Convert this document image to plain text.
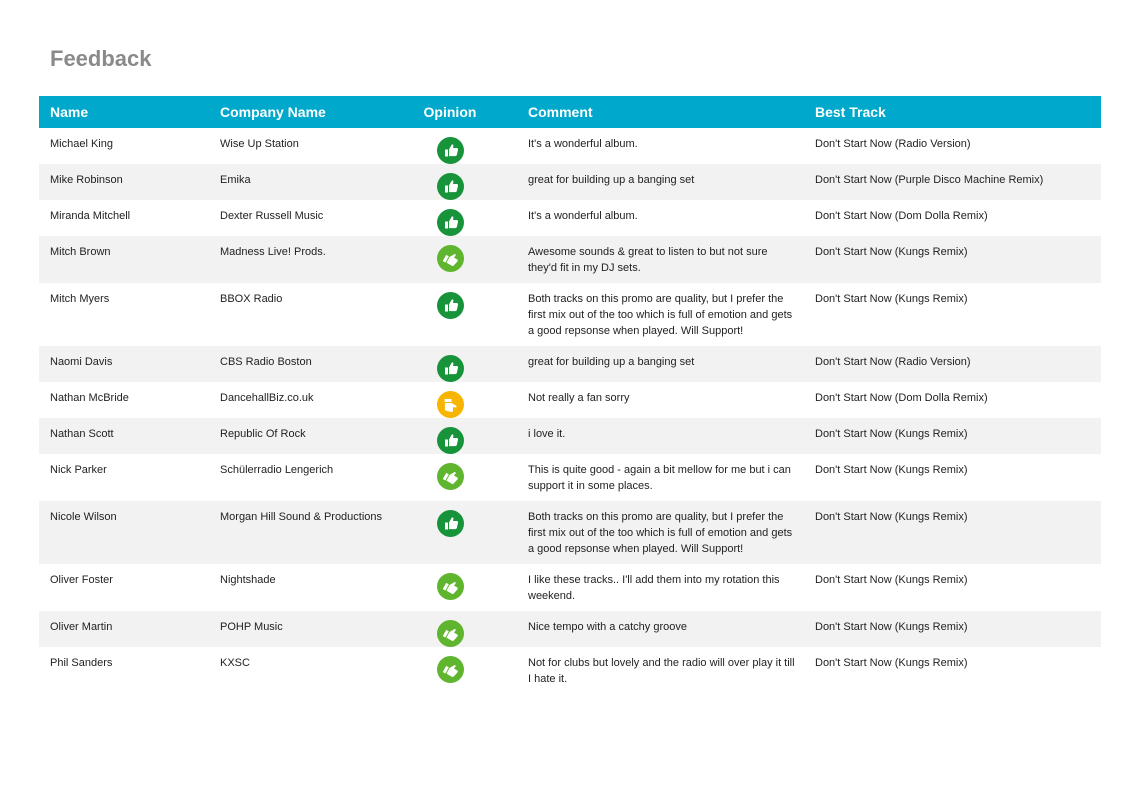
Feedback
Name	Company Name	Opinion	Comment	Best Track
Michael King	Wise Up Station		It's a wonderful album.	Don't Start Now (Radio Version)
Mike Robinson	Emika		great for building up a banging set	Don't Start Now (Purple Disco Machine Remix)
Miranda Mitchell	Dexter Russell Music		It's a wonderful album.	Don't Start Now (Dom Dolla Remix)
Mitch Brown	Madness Live! Prods.		Awesome sounds & great to listen to but not sure they'd fit in my DJ sets.	Don't Start Now (Kungs Remix)
Mitch Myers	BBOX Radio		Both tracks on this promo are quality, but I prefer the first mix out of the too which is full of emotion and gets a good repsonse when played. Will Support!	Don't Start Now (Kungs Remix)
Naomi Davis	CBS Radio Boston		great for building up a banging set	Don't Start Now (Radio Version)
Nathan McBride	DancehallBiz.co.uk		Not really a fan sorry	Don't Start Now (Dom Dolla Remix)
Nathan Scott	Republic Of Rock		i love it.	Don't Start Now (Kungs Remix)
Nick Parker	Schülerradio Lengerich		This is quite good - again a bit mellow for me but i can support it in some places.	Don't Start Now (Kungs Remix)
Nicole Wilson	Morgan Hill Sound & Productions		Both tracks on this promo are quality, but I prefer the first mix out of the too which is full of emotion and gets a good repsonse when played. Will Support!	Don't Start Now (Kungs Remix)
Oliver Foster	Nightshade		I like these tracks.. I'll add them into my rotation this weekend.	Don't Start Now (Kungs Remix)
Oliver Martin	POHP Music		Nice tempo with a catchy groove	Don't Start Now (Kungs Remix)
Phil Sanders	KXSC		Not for clubs but lovely and the radio will over play it till I hate it.	Don't Start Now (Kungs Remix)
